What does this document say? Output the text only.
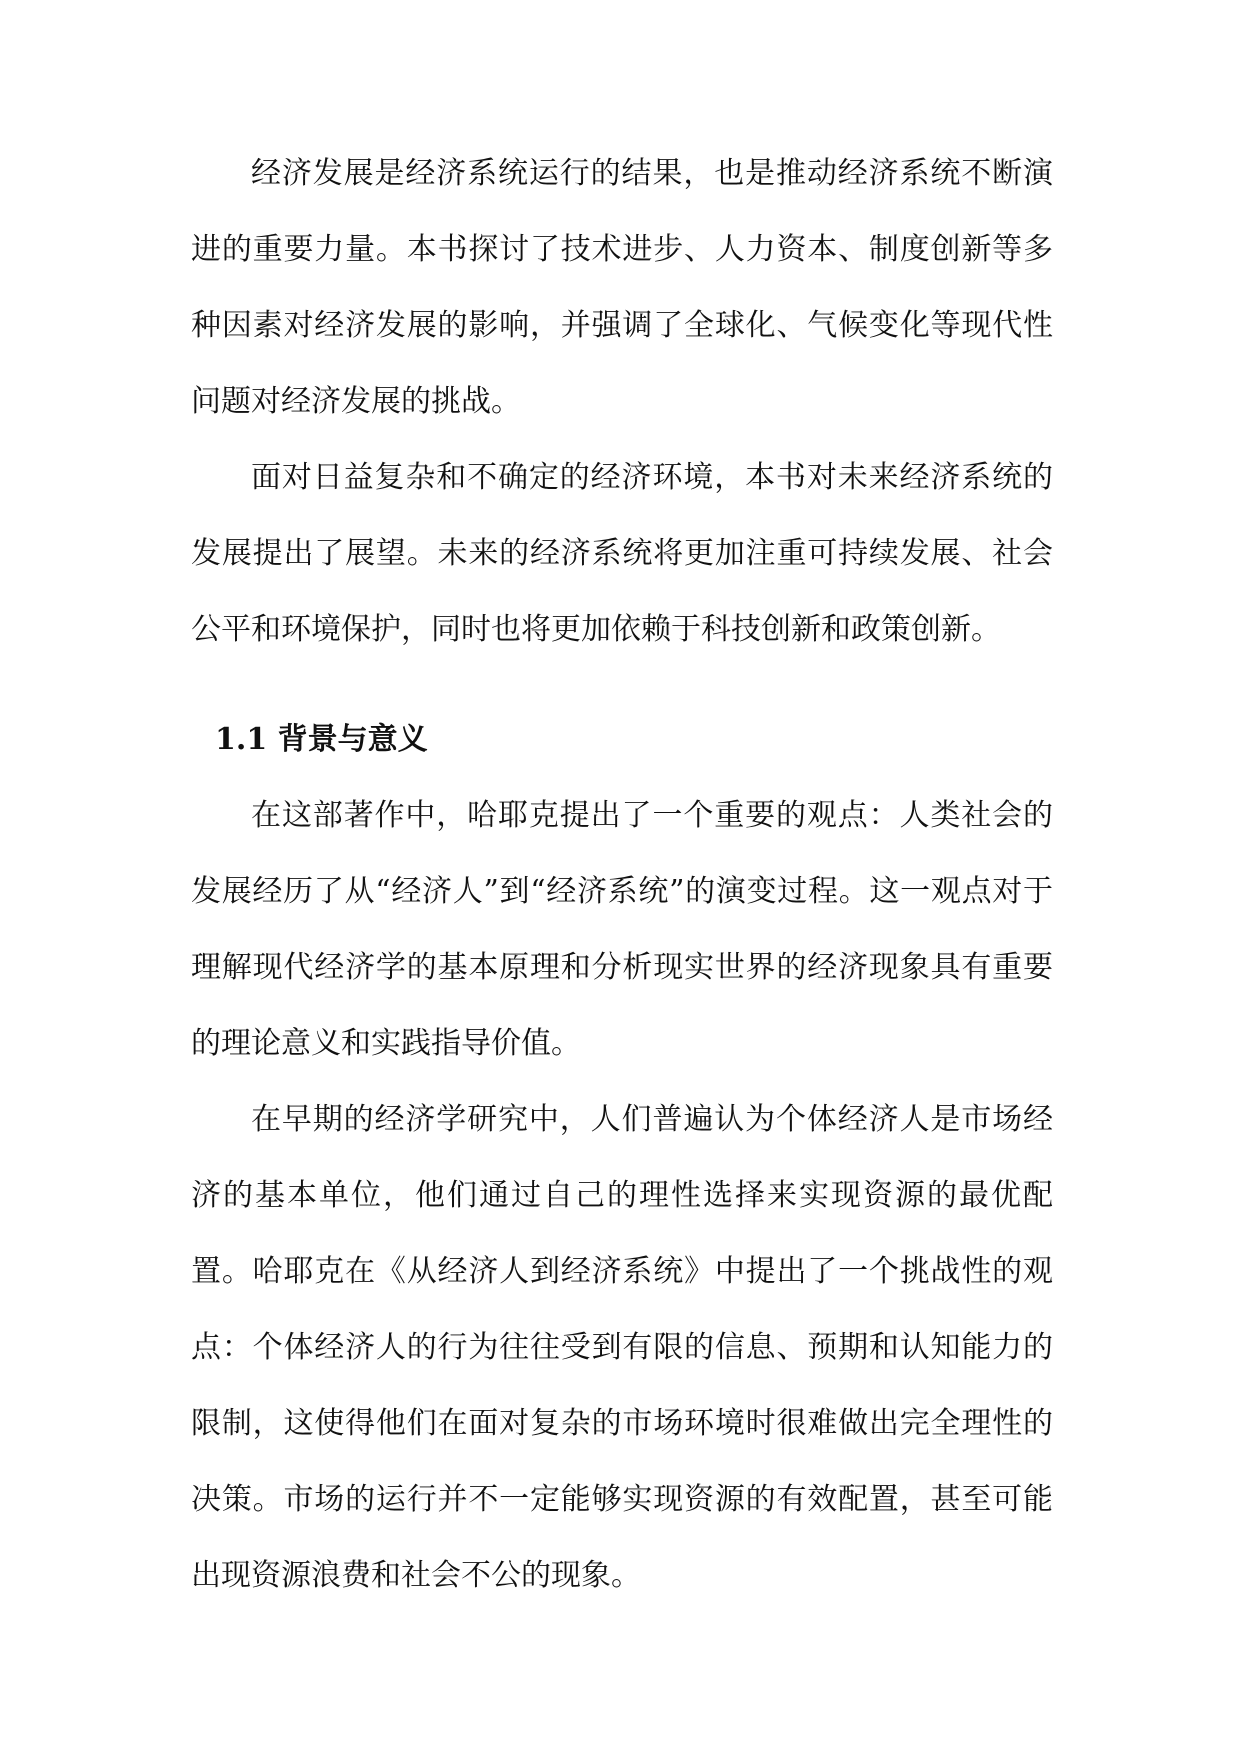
经济发展是经济系统运行的结果，也是推动经济系统不断演进的重要力量。本书探讨了技术进步、人力资本、制度创新等多种因素对经济发展的影响，并强调了全球化、气候变化等现代性问题对经济发展的挑战。

面对日益复杂和不确定的经济环境，本书对未来经济系统的发展提出了展望。未来的经济系统将更加注重可持续发展、社会公平和环境保护，同时也将更加依赖于科技创新和政策创新。

1.1 背景与意义

在这部著作中，哈耶克提出了一个重要的观点：人类社会的发展经历了从“经济人”到“经济系统”的演变过程。这一观点对于理解现代经济学的基本原理和分析现实世界的经济现象具有重要的理论意义和实践指导价值。

在早期的经济学研究中，人们普遍认为个体经济人是市场经济的基本单位，他们通过自己的理性选择来实现资源的最优配置。哈耶克在《从经济人到经济系统》中提出了一个挑战性的观点：个体经济人的行为往往受到有限的信息、预期和认知能力的限制，这使得他们在面对复杂的市场环境时很难做出完全理性的决策。市场的运行并不一定能够实现资源的有效配置，甚至可能出现资源浪费和社会不公的现象。
